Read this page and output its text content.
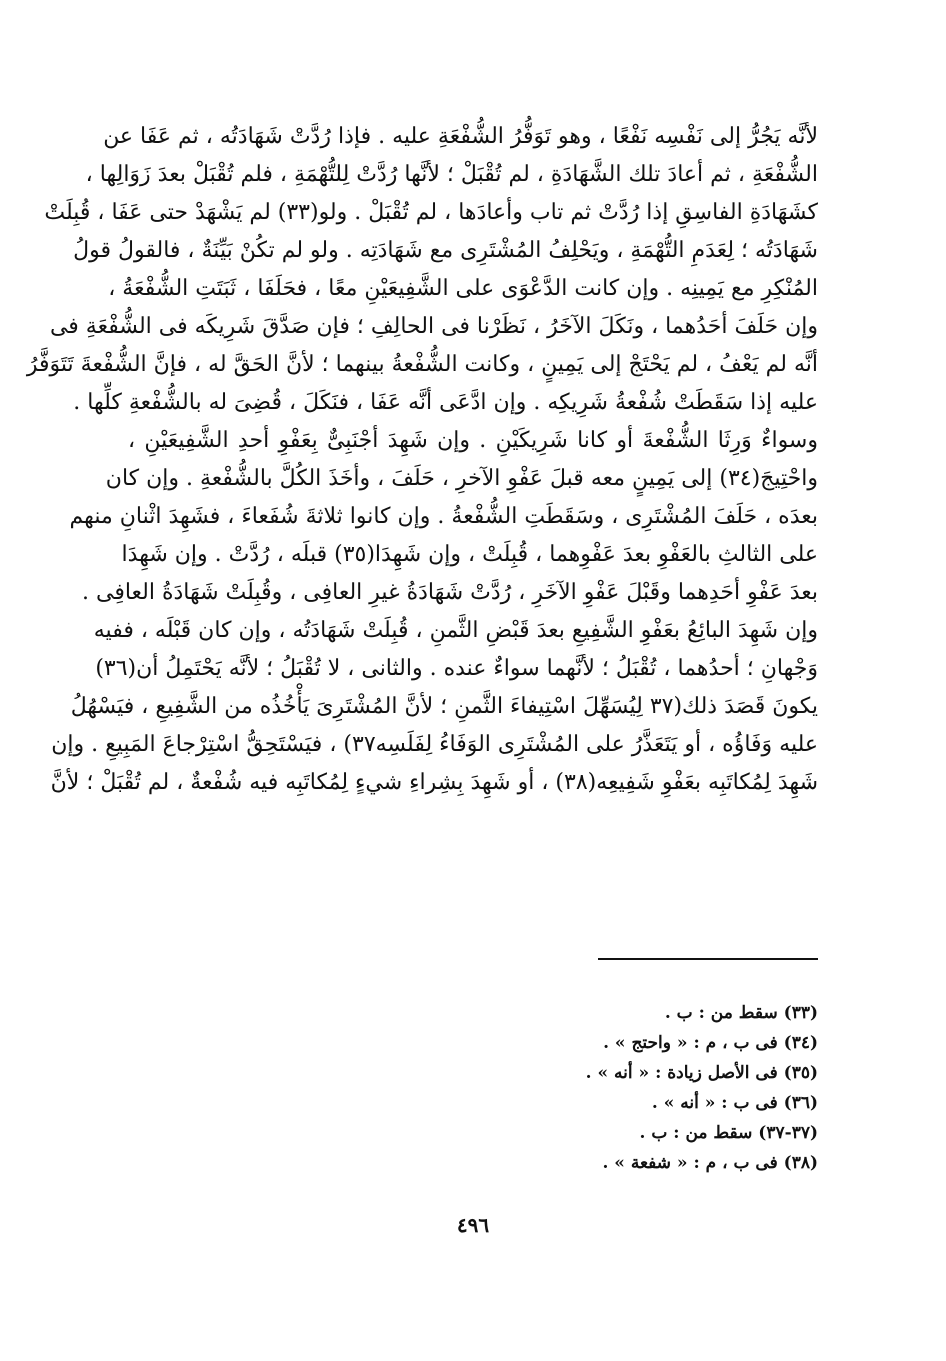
لأنَّه يَجُرُّ إلى نَفْسِه نَفْعًا ، وهو تَوَفُّرُ الشُّفْعَةِ عليه . فإذا رُدَّتْ شَهَادَتُه ، ثم عَفَا عن
الشُّفْعَةِ ، ثم أعادَ تلك الشَّهَادَةِ ، لم تُقْبَلْ ؛ لأنَّها رُدَّتْ لِلتُّهْمَةِ ، فلم تُقْبَلْ بعدَ زَوَالِها ،
كشَهَادَةِ الفاسِقِ إذا رُدَّتْ ثم تاب وأعادَها ، لم تُقْبَلْ . ولو(٣٣) لم يَشْهَدْ حتى عَفَا ، قُبِلَتْ
شَهَادَتُه ؛ لِعَدَمِ التُّهْمَةِ ، ويَحْلِفُ المُشْتَرِى مع شَهَادَتِه . ولو لم تكُنْ بَيِّنَةٌ ، فالقولُ قولُ
المُنْكِرِ مع يَمِينِه . وإن كانت الدَّعْوَى على الشَّفِيعَيْنِ معًا ، فحَلَفَا ، ثَبَتَتِ الشُّفْعَةُ ،
وإن حَلَفَ أحَدُهما ، ونَكَلَ الآخَرُ ، نَظَرْنا فى الحالِفِ ؛ فإن صَدَّقَ شَرِيكَه فى الشُّفْعَةِ فى
أنَّه لم يَعْفُ ، لم يَحْتَجْ إلى يَمِينٍ ، وكانت الشُّفْعةُ بينهما ؛ لأنَّ الحَقَّ له ، فإنَّ الشُّفْعةَ تَتَوَفَّرُ
عليه إذا سَقَطَتْ شُفْعةُ شَرِيكِه . وإن ادَّعَى أنَّه عَفَا ، فنَكَلَ ، قُضِىَ له بالشُّفْعةِ كلِّها .
وسواءٌ وَرِثَا الشُّفْعةَ أو كانا شَرِيكَيْنِ . وإن شَهِدَ أجْنَبِىٌّ بِعَفْوِ أحدِ الشَّفِيعَيْنِ ،
واحْتِيجَ(٣٤) إلى يَمِينٍ معه قبلَ عَفْوِ الآخرِ ، حَلَفَ ، وأخَذَ الكُلَّ بالشُّفْعةِ . وإن كان
بعدَه ، حَلَفَ المُشْتَرِى ، وسَقَطَتِ الشُّفْعةُ . وإن كانوا ثلاثةَ شُفَعاءَ ، فشَهِدَ اثْنانِ منهم
على الثالثِ بالعَفْوِ بعدَ عَفْوِهما ، قُبِلَتْ ، وإن شَهِدَا(٣٥) قبلَه ، رُدَّتْ . وإن شَهِدَا
بعدَ عَفْوِ أحَدِهما وقَبْلَ عَفْوِ الآخَرِ ، رُدَّتْ شَهَادَةُ غيرِ العافِى ، وقُبِلَتْ شَهَادَةُ العافِى .
وإن شَهِدَ البائِعُ بعَفْوِ الشَّفِيعِ بعدَ قَبْضِ الثَّمنِ ، قُبِلَتْ شَهَادَتُه ، وإن كان قَبْلَه ، ففيه
وَجْهانِ ؛ أحدُهما ، تُقْبَلُ ؛ لأنَّهما سواءٌ عنده . والثانى ، لا تُقْبَلُ ؛ لأنَّه يَحْتَمِلُ أن(٣٦)
يكونَ قَصَدَ ذلك(٣٧ لِيُسَهِّلَ اسْتِيفاءَ الثَّمنِ ؛ لأنَّ المُشْتَرِىَ يَأْخُذُه من الشَّفِيعِ ، فيَسْهُلُ
عليه وَفَاؤُه ، أو يَتَعَذَّرُ على المُشْتَرِى الوَفَاءُ لِفَلَسِه٣٧) ، فيَسْتَحِقُّ اسْتِرْجاعَ المَبِيعِ . وإن
شَهِدَ لِمُكاتَبِه بعَفْوِ شَفِيعِه(٣٨) ، أو شَهِدَ بِشِراءِ شيءٍ لِمُكاتَبِه فيه شُفْعةٌ ، لم تُقْبَلْ ؛ لأنَّ
(٣٣) سقط من : ب .
(٣٤) فى ب ، م : « واحتج » .
(٣٥) فى الأصل زيادة : « أنه » .
(٣٦) فى ب : « أنه » .
(٣٧-٣٧) سقط من : ب .
(٣٨) فى ب ، م : « شفعة » .
٤٩٦
